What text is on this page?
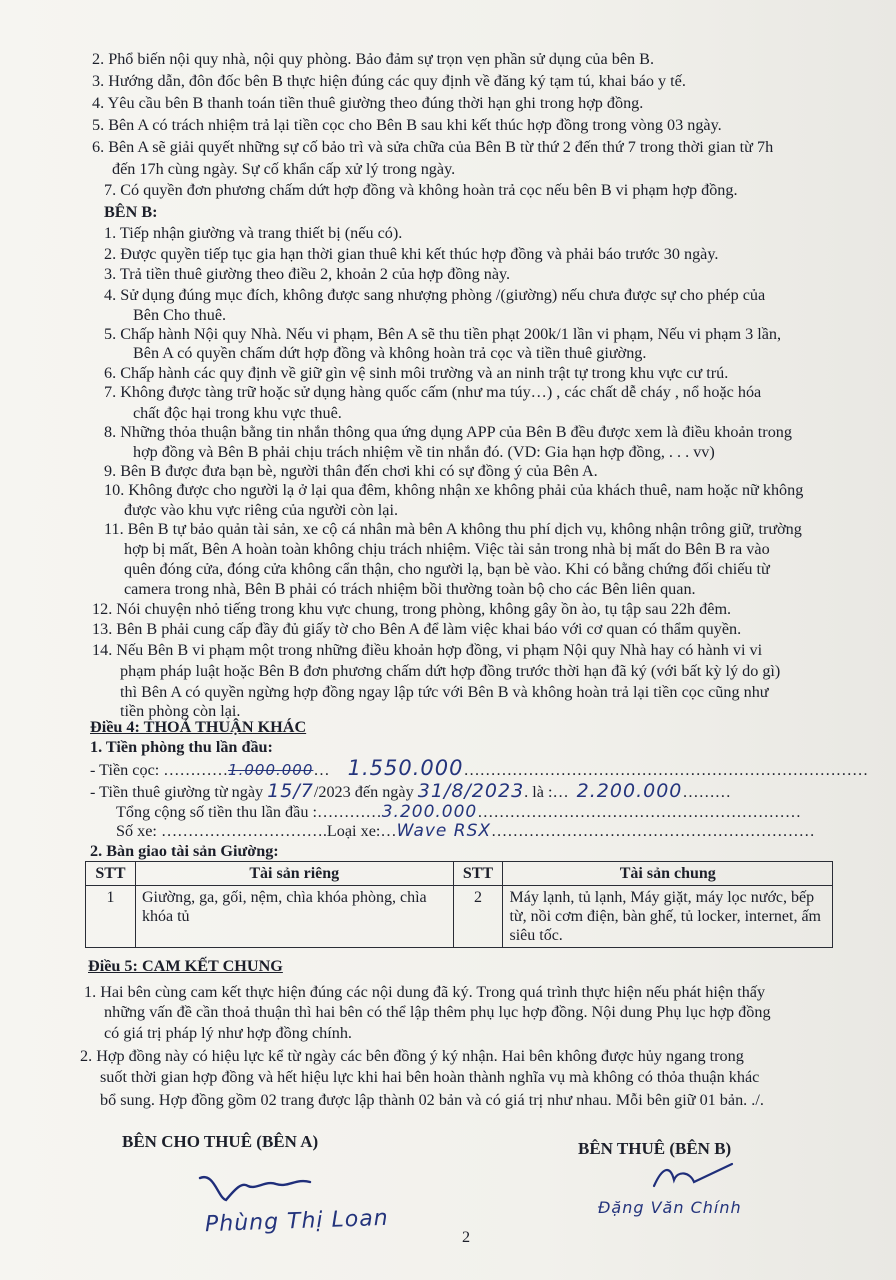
2. Phổ biến nội quy nhà, nội quy phòng. Bảo đảm sự trọn vẹn phần sử dụng của bên B.
3. Hướng dẫn, đôn đốc bên B thực hiện đúng các quy định về đăng ký tạm tú, khai báo y tế.
4. Yêu cầu bên B thanh toán tiền thuê giường theo đúng thời hạn ghi trong hợp đồng.
5. Bên A có trách nhiệm trả lại tiền cọc cho Bên B sau khi kết thúc hợp đồng trong vòng 03 ngày.
6. Bên A sẽ giải quyết những sự cố bảo trì và sửa chữa của Bên B từ thứ 2 đến thứ 7 trong thời gian từ 7h
đến 17h cùng ngày. Sự cố khẩn cấp xử lý trong ngày.
7. Có quyền đơn phương chấm dứt hợp đồng và không hoàn trả cọc nếu bên B vi phạm hợp đồng.
BÊN B:
1. Tiếp nhận giường và trang thiết bị (nếu có).
2. Được quyền tiếp tục gia hạn thời gian thuê khi kết thúc hợp đồng và phải báo trước 30 ngày.
3. Trả tiền thuê giường theo điều 2, khoản 2 của hợp đồng này.
4. Sử dụng đúng mục đích, không được sang nhượng phòng /(giường) nếu chưa được sự cho phép của
Bên Cho thuê.
5. Chấp hành Nội quy Nhà. Nếu vi phạm, Bên A sẽ thu tiền phạt 200k/1 lần vi phạm, Nếu vi phạm 3 lần,
Bên A có quyền chấm dứt hợp đồng và không hoàn trả cọc và tiền thuê giường.
6. Chấp hành các quy định về giữ gìn vệ sinh môi trường và an ninh trật tự trong khu vực cư trú.
7. Không được tàng trữ hoặc sử dụng hàng quốc cấm (như ma túy…) , các chất dễ cháy , nổ hoặc hóa
chất độc hại trong khu vực thuê.
8. Những thỏa thuận bằng tin nhắn thông qua ứng dụng APP của Bên B đều được xem là điều khoản trong
hợp đồng và Bên B phải chịu trách nhiệm về tin nhắn đó. (VD: Gia hạn hợp đồng, . . . vv)
9. Bên B được đưa bạn bè, người thân đến chơi khi có sự đồng ý của Bên A.
10. Không được cho người lạ ở lại qua đêm, không nhận xe không phải của khách thuê, nam hoặc nữ không
được vào khu vực riêng của người còn lại.
11. Bên B tự bảo quản tài sản, xe cộ cá nhân mà bên A không thu phí dịch vụ, không nhận trông giữ, trường
hợp bị mất, Bên A hoàn toàn không chịu trách nhiệm. Việc tài sản trong nhà bị mất do Bên B ra vào
quên đóng cửa, đóng cửa không cẩn thận, cho người lạ, bạn bè vào. Khi có bằng chứng đối chiếu từ
camera trong nhà, Bên B phải có trách nhiệm bồi thường toàn bộ cho các Bên liên quan.
12. Nói chuyện nhỏ tiếng trong khu vực chung, trong phòng, không gây ồn ào, tụ tập sau 22h đêm.
13. Bên B phải cung cấp đầy đủ giấy tờ cho Bên A để làm việc khai báo với cơ quan có thẩm quyền.
14. Nếu Bên B vi phạm một trong những điều khoản hợp đồng, vi phạm Nội quy Nhà hay có hành vi vi
phạm pháp luật hoặc Bên B đơn phương chấm dứt hợp đồng trước thời hạn đã ký (với bất kỳ lý do gì)
thì Bên A có quyền ngừng hợp đồng ngay lập tức với Bên B và không hoàn trả lại tiền cọc cũng như
tiền phòng còn lại.
Điều 4: THOẢ THUẬN KHÁC
1. Tiền phòng thu lần đầu:
- Tiền cọc: …………1.000.000… 1.550.000…………………………………………………………………
- Tiền thuê giường từ ngày 15/7/2023 đến ngày 31/8/2023. là :… 2.200.000………
Tổng cộng số tiền thu lần đầu :…………3.200.000……………………………………………………
Số xe: ………………………….Loại xe:…Wave RSX……………………………………………………
2. Bàn giao tài sản Giường:
STT	Tài sản riêng	STT	Tài sản chung
1	Giường, ga, gối, nệm, chìa khóa phòng, chìa khóa tủ	2	Máy lạnh, tủ lạnh, Máy giặt, máy lọc nước, bếp từ, nồi cơm điện, bàn ghế, tủ locker, internet, ấm siêu tốc.
Điều 5: CAM KẾT CHUNG
1. Hai bên cùng cam kết thực hiện đúng các nội dung đã ký. Trong quá trình thực hiện nếu phát hiện thấy
những vấn đề cần thoả thuận thì hai bên có thể lập thêm phụ lục hợp đồng. Nội dung Phụ lục hợp đồng
có giá trị pháp lý như hợp đồng chính.
2. Hợp đồng này có hiệu lực kể từ ngày các bên đồng ý ký nhận. Hai bên không được hủy ngang trong
suốt thời gian hợp đồng và hết hiệu lực khi hai bên hoàn thành nghĩa vụ mà không có thỏa thuận khác
bổ sung. Hợp đồng gồm 02 trang được lập thành 02 bản và có giá trị như nhau. Mỗi bên giữ 01 bản. ./.
BÊN CHO THUÊ (BÊN A)	BÊN THUÊ (BÊN B)
Phùng Thị Loan	Đặng Văn Chính
2
